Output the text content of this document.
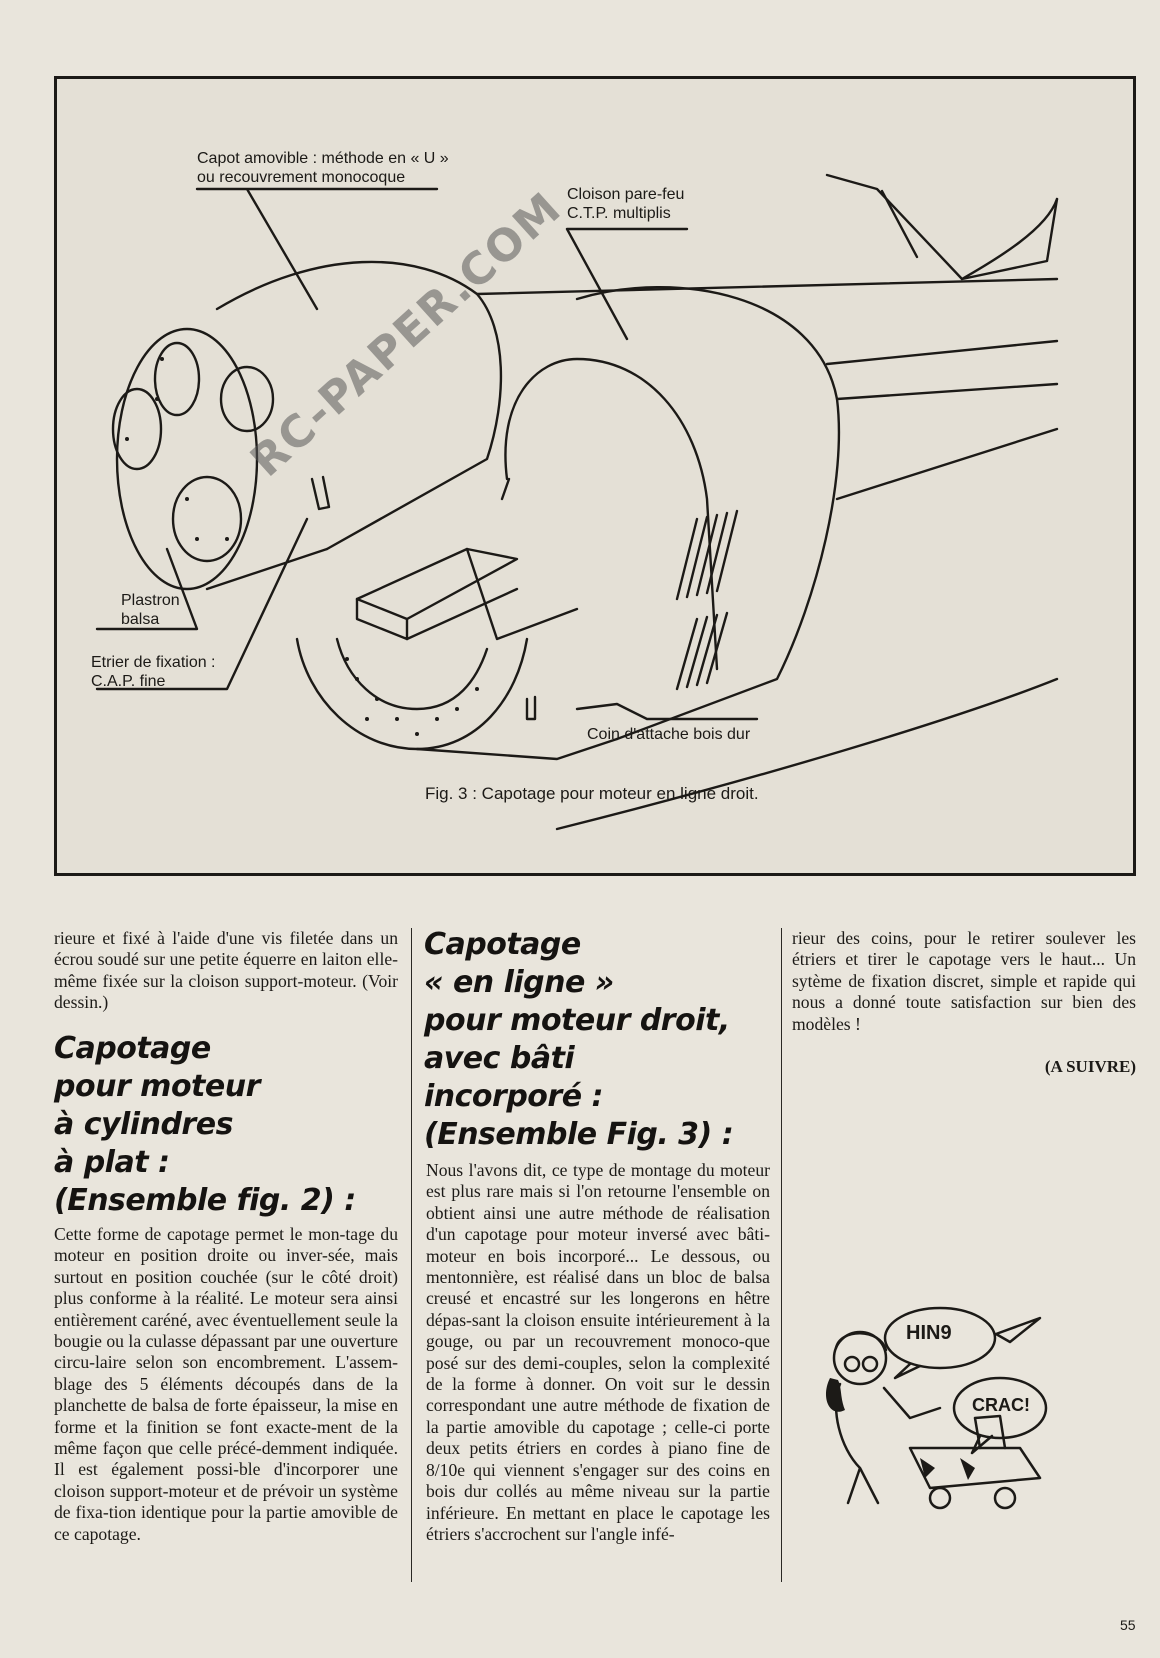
Capot amovible : méthode en « U »
ou recouvrement monocoque
Cloison pare-feu
C.T.P. multiplis
Plastron
balsa
Etrier de fixation :
C.A.P. fine
Coin d'attache bois dur
Fig. 3 : Capotage pour moteur en ligne droit.
RC-PAPER.COM

rieure et fixé à l'aide d'une vis filetée dans un écrou soudé sur une petite équerre en laiton elle-même fixée sur la cloison support-moteur. (Voir dessin.)

Capotage
pour moteur
à cylindres
à plat :
(Ensemble fig. 2) :

Cette forme de capotage permet le mon-tage du moteur en position droite ou inver-sée, mais surtout en position couchée (sur le côté droit) plus conforme à la réalité. Le moteur sera ainsi entièrement caréné, avec éventuellement seule la bougie ou la culasse dépassant par une ouverture circu-laire selon son encombrement. L'assem-blage des 5 éléments découpés dans de la planchette de balsa de forte épaisseur, la mise en forme et la finition se font exacte-ment de la même façon que celle précé-demment indiquée. Il est également possi-ble d'incorporer une cloison support-moteur et de prévoir un système de fixa-tion identique pour la partie amovible de ce capotage.

Capotage
« en ligne »
pour moteur droit,
avec bâti
incorporé :
(Ensemble Fig. 3) :

Nous l'avons dit, ce type de montage du moteur est plus rare mais si l'on retourne l'ensemble on obtient ainsi une autre méthode de réalisation d'un capotage pour moteur inversé avec bâti-moteur en bois incorporé... Le dessous, ou mentonnière, est réalisé dans un bloc de balsa creusé et encastré sur les longerons en hêtre dépas-sant la cloison ensuite intérieurement à la gouge, ou par un recouvrement monoco-que posé sur des demi-couples, selon la complexité de la forme à donner. On voit sur le dessin correspondant une autre méthode de fixation de la partie amovible du capotage ; celle-ci porte deux petits étriers en cordes à piano fine de 8/10e qui viennent s'engager sur des coins en bois dur collés au même niveau sur la partie inférieure. En mettant en place le capotage les étriers s'accrochent sur l'angle infé-

rieur des coins, pour le retirer soulever les étriers et tirer le capotage vers le haut... Un sytème de fixation discret, simple et rapide qui nous a donné toute satisfaction sur bien des modèles !

(A SUIVRE)
HIN9
CRAC!
55
